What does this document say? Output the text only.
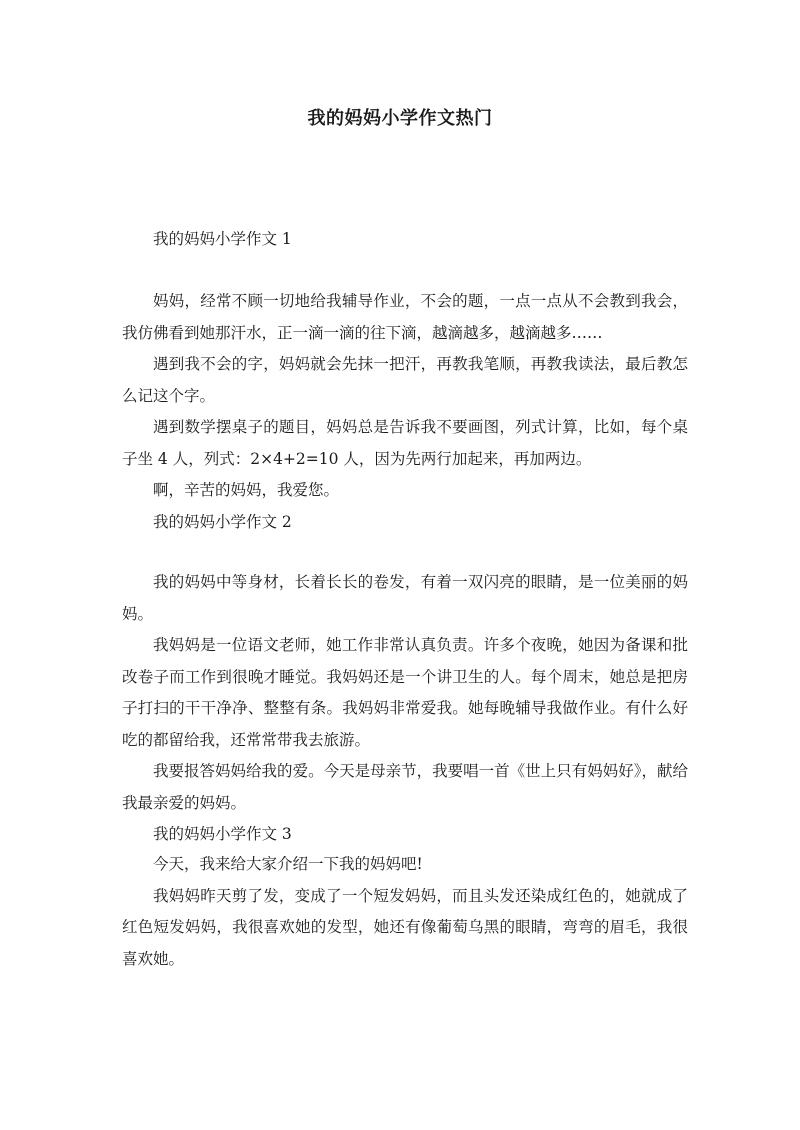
我的妈妈小学作文热门

我的妈妈小学作文 1

妈妈，经常不顾一切地给我辅导作业，不会的题，一点一点从不会教到我会，我仿佛看到她那汗水，正一滴一滴的往下滴，越滴越多，越滴越多……

遇到我不会的字，妈妈就会先抹一把汗，再教我笔顺，再教我读法，最后教怎么记这个字。

遇到数学摆桌子的题目，妈妈总是告诉我不要画图，列式计算，比如，每个桌子坐 4 人，列式：2×4+2=10 人，因为先两行加起来，再加两边。

啊，辛苦的妈妈，我爱您。

我的妈妈小学作文 2

我的妈妈中等身材，长着长长的卷发，有着一双闪亮的眼睛，是一位美丽的妈妈。

我妈妈是一位语文老师，她工作非常认真负责。许多个夜晚，她因为备课和批改卷子而工作到很晚才睡觉。我妈妈还是一个讲卫生的人。每个周末，她总是把房子打扫的干干净净、整整有条。我妈妈非常爱我。她每晚辅导我做作业。有什么好吃的都留给我，还常常带我去旅游。

我要报答妈妈给我的爱。今天是母亲节，我要唱一首《世上只有妈妈好》，献给我最亲爱的妈妈。

我的妈妈小学作文 3

今天，我来给大家介绍一下我的妈妈吧!

我妈妈昨天剪了发，变成了一个短发妈妈，而且头发还染成红色的，她就成了红色短发妈妈，我很喜欢她的发型，她还有像葡萄乌黑的眼睛，弯弯的眉毛，我很喜欢她。
